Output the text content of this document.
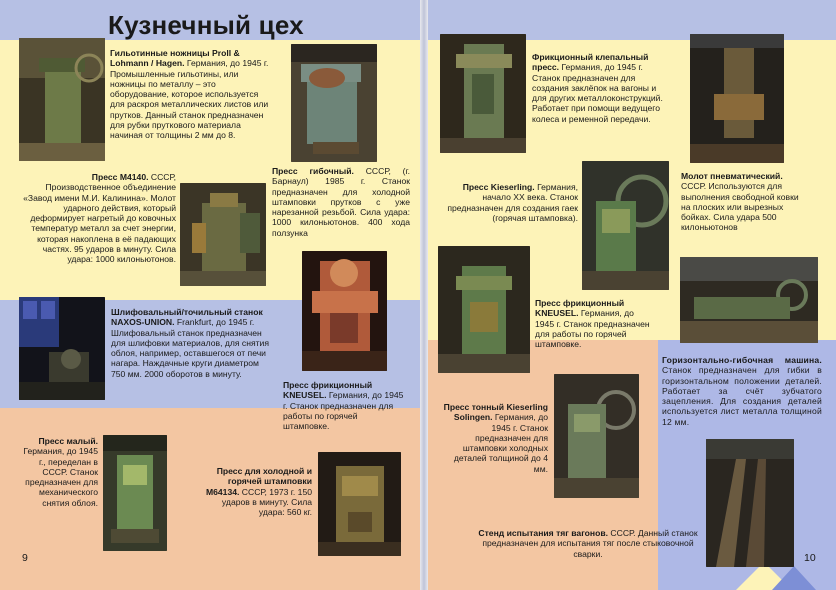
Кузнечный цех
Гильотинные ножницы Proll & Lohmann / Hagen. Германия, до 1945 г. Промышленные гильотины, или ножницы по металлу – это оборудование, которое используется для раскроя металлических листов или прутков. Данный станок предназначен для рубки пруткового материала начиная от толщины 2 мм до 8.
Пресс М4140. СССР, Производственное объединение «Завод имени М.И. Калинина». Молот ударного действия, который деформирует нагретый до ковочных температур металл за счет энергии, которая накоплена в её падающих частях. 95 ударов в минуту. Сила удара: 1000 килоньютонов.
Пресс гибочный. СССР, (г. Барнаул) 1985 г. Станок предназначен для холодной штамповки прутков с уже нарезанной резьбой. Сила удара: 1000 килоньютонов. 400 хода ползунка
Шлифовальный/точильный станок NAXOS-UNION. Frankfurt, до 1945 г. Шлифовальный станок предназначен для шлифовки материалов, для снятия облоя, например, оставшегося от печи нагара. Наждачные круги диаметром 750 мм. 2000 оборотов в минуту.
Пресс фрикционный KNEUSEL. Германия, до 1945 г. Станок предназначен для работы по горячей штамповке.
Пресс малый. Германия, до 1945 г., переделан в СССР. Станок предназначен для механического снятия облоя.
Пресс для холодной и горячей штамповки М64134. СССР, 1973 г. 150 ударов в минуту. Сила удара: 560 кг.
9
Фрикционный клепальный пресс. Германия, до 1945 г. Станок предназначен для создания заклёпок на вагоны и для других металлоконструкций. Работает при помощи ведущего колеса и ременной передачи.
Молот пневматический. СССР. Используются для выполнения свободной ковки на плоских или вырезных бойках. Сила удара 500 килоньютонов
Пресс Kieserling. Германия, начало XX века. Станок предназначен для создания гаек (горячая штамповка).
Пресс фрикционный KNEUSEL. Германия, до 1945 г. Станок предназначен для работы по горячей штамповке.
Горизонтально-гибочная машина. Станок предназначен для гибки в горизонтальном положении деталей. Работает за счёт зубчатого зацепления. Для создания деталей используется лист металла толщиной 12 мм.
Пресс тонный Kieserling Solingen. Германия, до 1945 г. Станок предназначен для штамповки холодных деталей толщиной до 4 мм.
Стенд испытания тяг вагонов. СССР. Данный станок предназначен для испытания тяг после стыковочной сварки.	10
